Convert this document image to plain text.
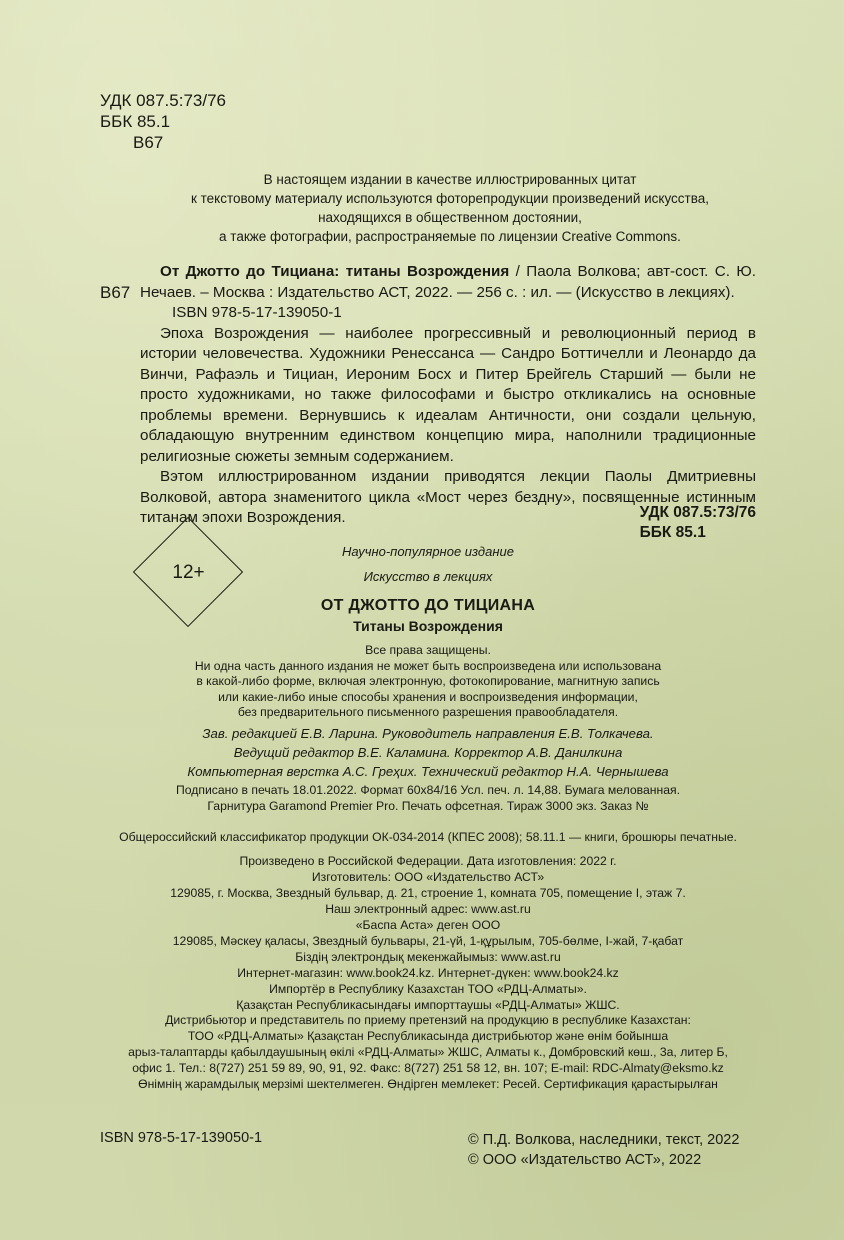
УДК 087.5:73/76
ББК 85.1
В67
В настоящем издании в качестве иллюстрированных цитат
к текстовому материалу используются фоторепродукции произведений искусства,
находящихся в общественном достоянии,
а также фотографии, распространяемые по лицензии Creative Commons.
В67

От Джотто до Тициана: титаны Возрождения / Паола Волкова; авт-сост. С. Ю. Нечаев. – Москва : Издательство АСТ, 2022. — 256 с. : ил. — (Искусство в лекциях).

ISBN 978-5-17-139050-1

Эпоха Возрождения — наиболее прогрессивный и революционный период в истории человечества. Художники Ренессанса — Сандро Боттичелли и Леонардо да Винчи, Рафаэль и Тициан, Иероним Босх и Питер Брейгель Старший — были не просто художниками, но также философами и быстро откликались на основные проблемы времени. Вернувшись к идеалам Античности, они создали цельную, обладающую внутренним единством концепцию мира, наполнили традиционные религиозные сюжеты земным содержанием.

Вэтом иллюстрированном издании приводятся лекции Паолы Дмитриевны Волковой, автора знаменитого цикла «Мост через бездну», посвященные истинным титанам эпохи Возрождения.	УДК 087.5:73/76
ББК 85.1
12+
Научно-популярное издание
Искусство в лекциях
ОТ ДЖОТТО ДО ТИЦИАНА
Титаны Возрождения
Все права защищены.
Ни одна часть данного издания не может быть воспроизведена или использована
в какой-либо форме, включая электронную, фотокопирование, магнитную запись
или какие-либо иные способы хранения и воспроизведения информации,
без предварительного письменного разрешения правообладателя.
Зав. редакцией Е.В. Ларина. Руководитель направления Е.В. Толкачева.
Ведущий редактор В.Е. Каламина. Корректор А.В. Данилкина
Компьютерная верстка А.С. Греҳих. Технический редактор Н.А. Чернышева
Подписано в печать 18.01.2022. Формат 60x84/16 Усл. печ. л. 14,88. Бумага мелованная.
Гарнитура Garamond Premier Pro. Печать офсетная. Тираж 3000 экз. Заказ №
Общероссийский классификатор продукции ОК-034-2014 (КПЕС 2008); 58.11.1 — книги, брошюры печатные.
Произведено в Российской Федерации. Дата изготовления: 2022 г.
Изготовитель: ООО «Издательство АСТ»
129085, г. Москва, Звездный бульвар, д. 21, строение 1, комната 705, помещение I, этаж 7.
Наш электронный адрес: www.ast.ru
«Баспа Аста» деген ООО
129085, Мәскеу қаласы, Звездный бульвары, 21-үй, 1-құрылым, 705-бөлме, I-жай, 7-қабат
Біздің электрондық мекенжайымыз: www.ast.ru
Интернет-магазин: www.book24.kz. Интернет-дүкен: www.book24.kz
Импортёр в Республику Казахстан ТОО «РДЦ-Алматы».
Қазақстан Республикасындағы импорттаушы «РДЦ-Алматы» ЖШС.
Дистрибьютор и представитель по приему претензий на продукцию в республике Казахстан:
ТОО «РДЦ-Алматы» Қазақстан Республикасында дистрибьютор және өнім бойынша
арыз-талаптарды қабылдаушының өкілі «РДЦ-Алматы» ЖШС, Алматы к., Домбровский көш., 3а, литер Б,
офис 1. Тел.: 8(727) 251 59 89, 90, 91, 92. Факс: 8(727) 251 58 12, вн. 107; E-mail: RDC-Almaty@eksmo.kz
Өнімнің жарамдылық мерзімі шектелмеген. Өндірген мемлекет: Ресей. Сертификация қарастырылған
ISBN 978-5-17-139050-1	© П.Д. Волкова, наследники, текст, 2022
© ООО «Издательство АСТ», 2022
